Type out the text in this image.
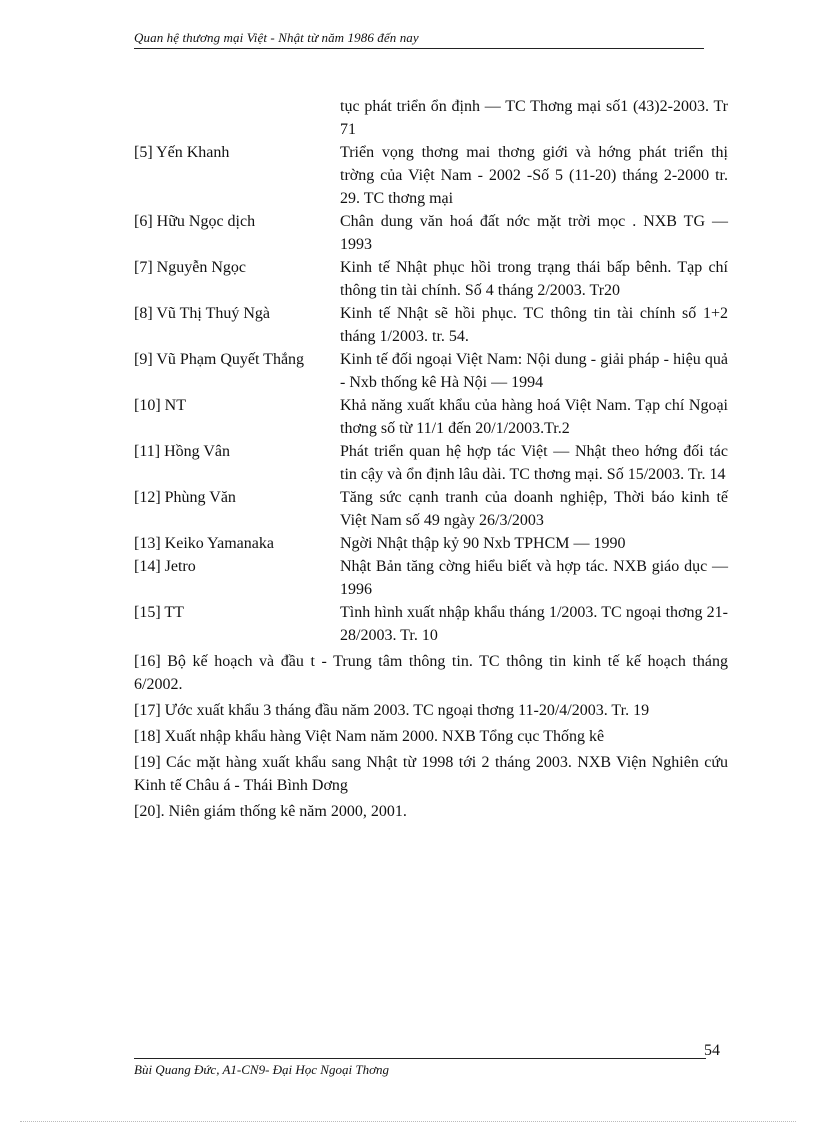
Quan hệ thương mại Việt - Nhật từ năm 1986 đến nay
tục phát triển ổn định — TC Thơng mại số1 (43)2-2003. Tr 71
[5] Yến Khanh	Triển vọng thơng mai thơng giới và hớng phát triển thị trờng của Việt Nam - 2002 -Số 5 (11-20) tháng 2-2000 tr. 29. TC thơng mại
[6] Hữu Ngọc dịch	Chân dung văn hoá đất nớc mặt trời mọc . NXB TG — 1993
[7] Nguyễn Ngọc	Kinh tế Nhật phục hồi trong trạng thái bấp bênh. Tạp chí thông tin tài chính. Số 4 tháng 2/2003. Tr20
[8] Vũ Thị Thuý Ngà	Kinh tế Nhật sẽ hồi phục. TC thông tin tài chính số 1+2 tháng 1/2003. tr. 54.
[9] Vũ Phạm Quyết Thắng	Kinh tế đối ngoại Việt Nam: Nội dung - giải pháp - hiệu quả - Nxb thống kê Hà Nội — 1994
[10] NT	Khả năng xuất khẩu của hàng hoá Việt Nam. Tạp chí Ngoại thơng số từ 11/1 đến 20/1/2003.Tr.2
[11] Hồng Vân	Phát triển quan hệ hợp tác Việt — Nhật theo hớng đối tác tin cậy và ổn định lâu dài. TC thơng mại. Số 15/2003. Tr. 14
[12] Phùng Văn	Tăng sức cạnh tranh của doanh nghiệp, Thời báo kinh tế Việt Nam số 49 ngày 26/3/2003
[13] Keiko Yamanaka	Ngời Nhật thập kỷ 90 Nxb TPHCM — 1990
[14] Jetro	Nhật Bản tăng cờng hiểu biết và hợp tác. NXB giáo dục — 1996
[15] TT	Tình hình xuất nhập khẩu tháng 1/2003. TC ngoại thơng 21-28/2003. Tr. 10
[16] Bộ kế hoạch và đầu t - Trung tâm thông tin. TC thông tin kinh tế kế hoạch tháng 6/2002.
[17] Ước xuất khẩu 3 tháng đầu năm 2003. TC ngoại thơng 11-20/4/2003. Tr. 19
[18] Xuất nhập khẩu hàng Việt Nam năm 2000. NXB Tổng cục Thống kê
[19] Các mặt hàng xuất khẩu sang Nhật từ 1998 tới 2 tháng 2003. NXB Viện Nghiên cứu Kinh tế Châu á - Thái Bình Dơng
[20]. Niên giám thống kê năm 2000, 2001.
54
Bùi Quang Đức, A1-CN9- Đại Học Ngoại Thơng
